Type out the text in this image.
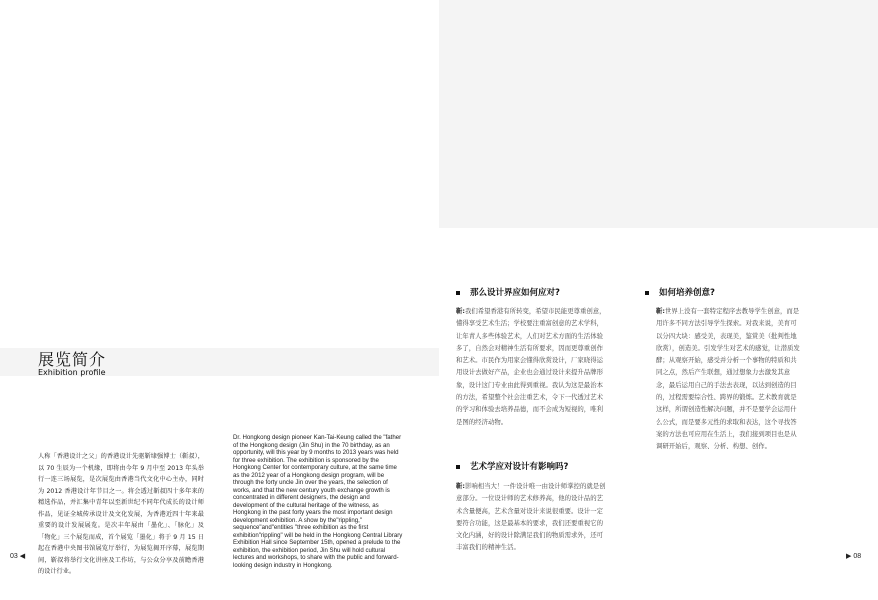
展览简介
Exhibition profile
人称「香港设计之父」的香港设计先驱靳埭强博士（靳叔），以 70 生辰为一个机缘，即将由今年 9 月中至 2013 年头举行一连三场展览，是次展览由香港当代文化中心主办，同时为 2012 香港设计年节目之一。将会透过靳叔四十多年来的精选作品，并汇集中青年以至新世纪不同年代成长的设计师作品，见证全城传承设计及文化发展，为香港近四十年来最重要的设计发展展览。是次丰年展由「墨化」、「脉化」及「物化」三个展览而成，首个展览「墨化」将于 9 月 15 日起在香港中央图书馆展览厅举行，为展览揭开序幕，展览期间，靳叔将举行文化讲座及工作坊，与公众分享及前瞻香港的设计行业。
Dr. Hongkong design pioneer Kan-Tai-Keung called the "father of the Hongkong design (Jin Shu) in the 70 birthday, as an opportunity, will this year by 9 months to 2013 years was held for three exhibition. The exhibition is sponsored by the Hongkong Center for contemporary culture, at the same time as the 2012 year of a Hongkong design program, will be through the forty uncle Jin over the years, the selection of works, and that the new century youth exchange growth is concentrated in different designers, the design and development of the cultural heritage of the witness, as Hongkong in the past forty years the most important design development exhibition. A show by the"rippling," sequence"and"entities "three exhibition as the first exhibition"rippling" will be held in the Hongkong Central Library Exhibition Hall since September 15th, opened a prelude to the exhibition, the exhibition period, Jin Shu will hold cultural lectures and workshops, to share with the public and forward-looking design industry in Hongkong.
03 ◀
那么设计界应如何应对?
靳:我们希望香港有所转变，希望市民能更尊重创意，懂得享受艺术生活；学校要注重富创意的艺术学科，让年青人多些体验艺术，人们对艺术方面的生活体验多了，自然会对精神生活有所要求，因而更尊重创作和艺术。市民作为用家会懂得欣赏设计，厂家晓得运用设计去做好产品，企业也会通过设计来提升品牌形象，设计这门专业由此得到重视。我认为这是最治本的方法，希望整个社会注重艺术，令下一代透过艺术的学习和体验去培养品德，而不会成为短视的，唯利是图的经济动物。
艺术学应对设计有影响吗?
靳:影响相当大！一件设计唯一由设计师掌控的就是创意部分。一位设计师的艺术修养高，他的设计品的艺术含量便高，艺术含量对设计来说很重要。设计一定要符合功能，这是最基本的要求，我们还要重视它的文化内涵，好的设计除满足我们的物质需求外，还可丰富我们的精神生活。
如何培养创意?
靳:世界上没有一套特定程序去教导学生创意，而是用许多不同方法引导学生探索。对我来说，美育可以分四大块：感受美，表现美，鉴赏美（批判性地欣赏），创造美。引发学生对艺术的感觉，让潜质发酵；从观察开始，感受并分析一个事物的特质和共同之点，然后产生联想，通过想象力去激发其意念，最后运用自己的手法去表现，以达到创造的目的，过程需要综合性、跨界的锻炼。艺术教育就是这样，所谓创造性解决问题，并不是要学会运用什么公式，而是要多元性的求取和表达，这个寻找答案的方法也可应用在生活上，我们接到项目也是从调研开始后，观察、分析、构想、创作。
▶ 08
